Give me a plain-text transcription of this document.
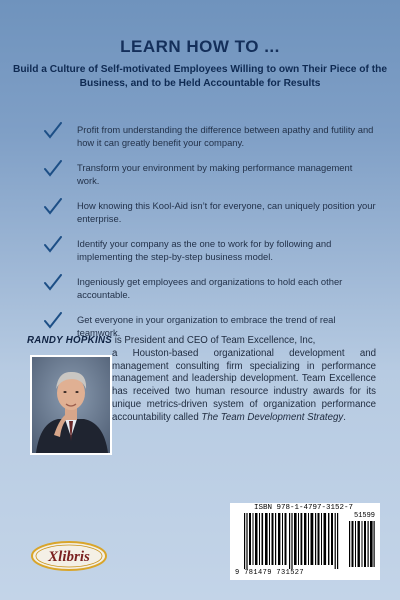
LEARN HOW TO ...
Build a Culture of Self-motivated Employees Willing to own Their Piece of the Business, and to be Held Accountable for Results
Profit from understanding the difference between apathy and futility and how it can greatly benefit your company.
Transform your environment by making performance management work.
How knowing this Kool-Aid isn’t for everyone, can uniquely position your enterprise.
Identify your company as the one to work for by following and implementing the step-by-step business model.
Ingeniously get employees and organizations to hold each other accountable.
Get everyone in your organization to embrace the trend of real teamwork.
RANDY HOPKINS is President and CEO of Team Excellence, Inc,
a Houston-based organizational development and management consulting firm specializing in performance management and leadership development. Team Excellence has received two human resource industry awards for its unique metrics-driven system of organization performance accountability called The Team Development Strategy.
ISBN 978-1-4797-3152-7
51599
9 781479 731527
Xlibris
